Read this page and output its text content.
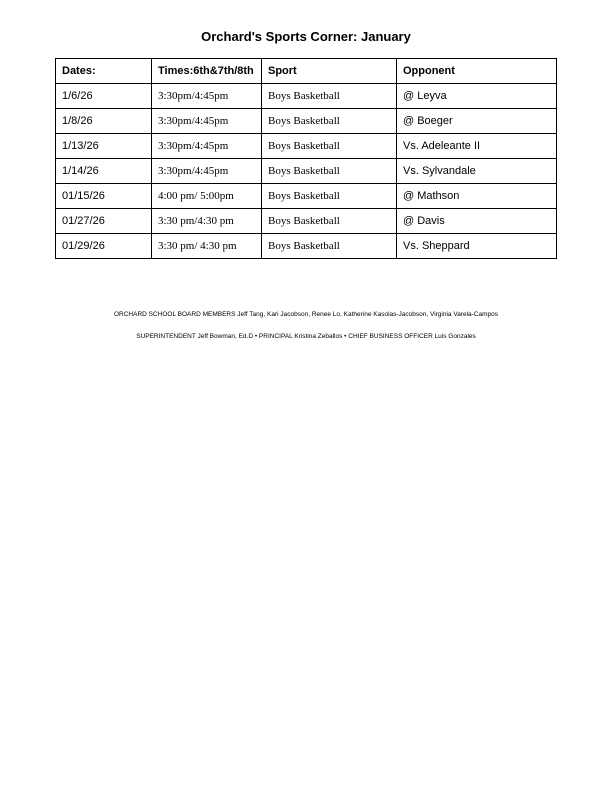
Orchard's Sports Corner: January
Dates:	Times:6th&7th/8th	Sport	Opponent
1/6/26	3:30pm/4:45pm	Boys Basketball	@ Leyva
1/8/26	3:30pm/4:45pm	Boys Basketball	@ Boeger
1/13/26	3:30pm/4:45pm	Boys Basketball	Vs. Adeleante II
1/14/26	3:30pm/4:45pm	Boys Basketball	Vs. Sylvandale
01/15/26	4:00 pm/ 5:00pm	Boys Basketball	@ Mathson
01/27/26	3:30 pm/4:30 pm	Boys Basketball	@ Davis
01/29/26	3:30 pm/ 4:30 pm	Boys Basketball	Vs. Sheppard
ORCHARD SCHOOL BOARD MEMBERS Jeff Tang, Kari Jacobson, Renee Lo, Katherine Kasolas-Jacobson, Virginia Varela-Campos
SUPERINTENDENT Jeff Bowman, Ed.D • PRINCIPAL Kristina Zeballos • CHIEF BUSINESS OFFICER Luis Gonzales
